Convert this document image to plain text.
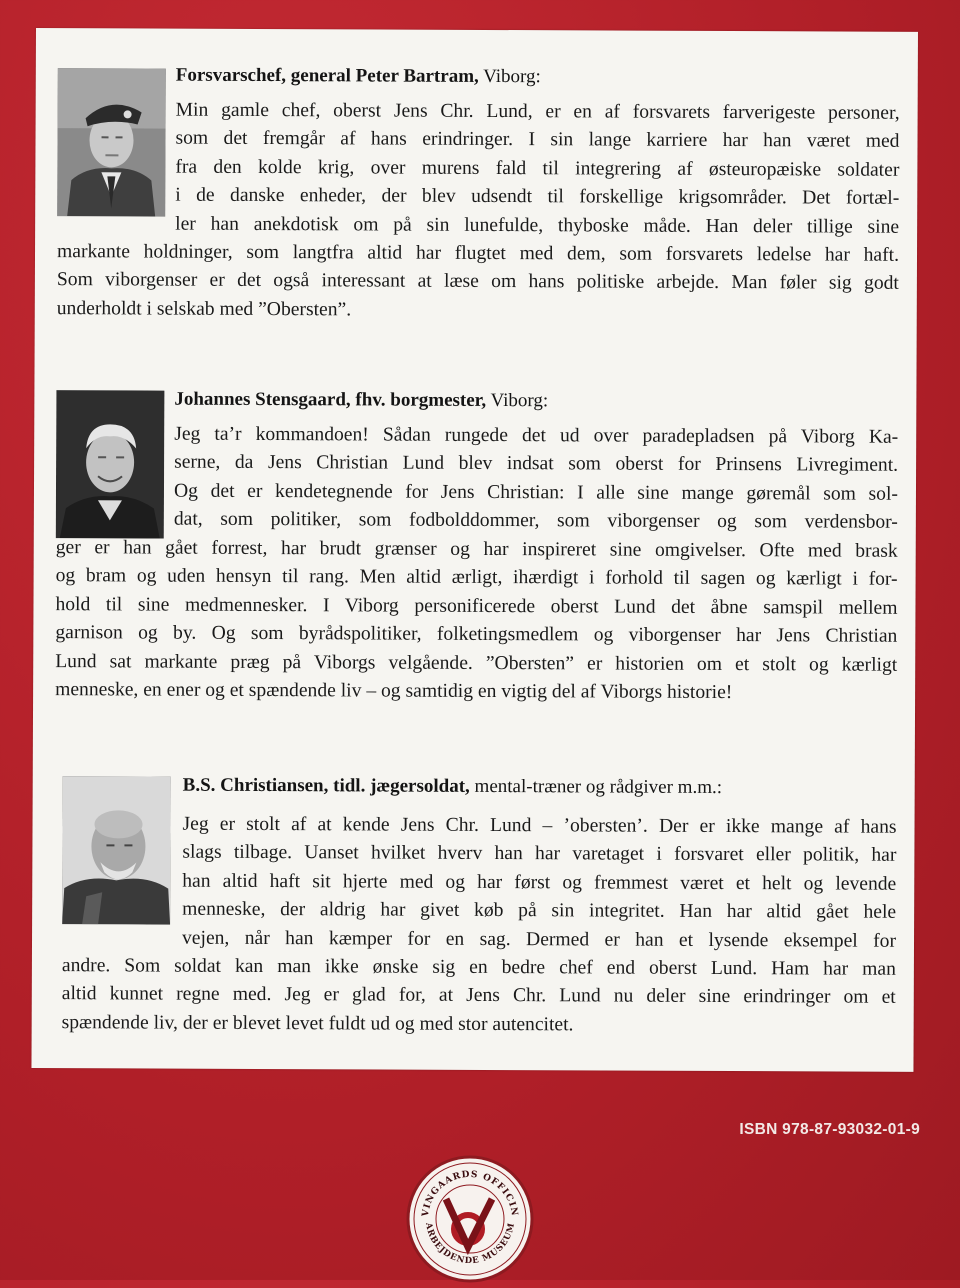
Forsvarschef, general Peter Bartram, Viborg:
Min gamle chef, oberst Jens Chr. Lund, er en af forsvarets farverigeste personer,
som det fremgår af hans erindringer. I sin lange karriere har han været med
fra den kolde krig, over murens fald til integrering af østeuropæiske soldater
i de danske enheder, der blev udsendt til forskellige krigsområder. Det fortæl-
ler han anekdotisk om på sin lunefulde, thyboske måde. Han deler tillige sine
markante holdninger, som langtfra altid har flugtet med dem, som forsvarets ledelse har haft.
Som viborgenser er det også interessant at læse om hans politiske arbejde. Man føler sig godt
underholdt i selskab med ”Obersten”.
Johannes Stensgaard, fhv. borgmester, Viborg:
Jeg ta’r kommandoen! Sådan rungede det ud over paradepladsen på Viborg Ka-
serne, da Jens Christian Lund blev indsat som oberst for Prinsens Livregiment.
Og det er kendetegnende for Jens Christian: I alle sine mange gøremål som sol-
dat, som politiker, som fodbolddommer, som viborgenser og som verdensbor-
ger er han gået forrest, har brudt grænser og har inspireret sine omgivelser. Ofte med brask
og bram og uden hensyn til rang. Men altid ærligt, ihærdigt i forhold til sagen og kærligt i for-
hold til sine medmennesker. I Viborg personificerede oberst Lund det åbne samspil mellem
garnison og by. Og som byrådspolitiker, folketingsmedlem og viborgenser har Jens Christian
Lund sat markante præg på Viborgs velgående. ”Obersten” er historien om et stolt og kærligt
menneske, en ener og et spændende liv – og samtidig en vigtig del af Viborgs historie!
B.S. Christiansen, tidl. jægersoldat, mental-træner og rådgiver m.m.:
Jeg er stolt af at kende Jens Chr. Lund – ’obersten’. Der er ikke mange af hans
slags tilbage. Uanset hvilket hverv han har varetaget i forsvaret eller politik, har
han altid haft sit hjerte med og har først og fremmest været et helt og levende
menneske, der aldrig har givet køb på sin integritet. Han har altid gået hele
vejen, når han kæmper for en sag. Dermed er han et lysende eksempel for
andre. Som soldat kan man ikke ønske sig en bedre chef end oberst Lund. Ham har man
altid kunnet regne med. Jeg er glad for, at Jens Chr. Lund nu deler sine erindringer om et
spændende liv, der er blevet levet fuldt ud og med stor autencitet.
ISBN 978-87-93032-01-9
VINGAARDS OFFICIN
ARBEJDENDE MUSEUM
